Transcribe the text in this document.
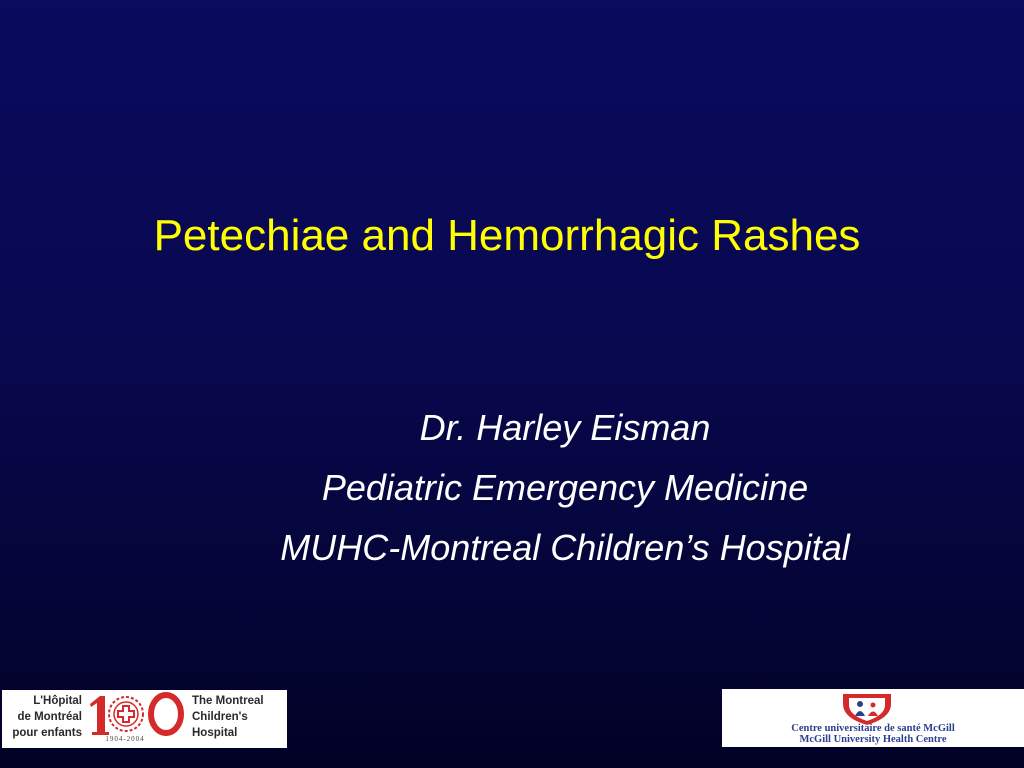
Petechiae and Hemorrhagic Rashes
Dr. Harley Eisman
Pediatric Emergency Medicine
MUHC-Montreal Children’s Hospital
L'Hôpital
de Montréal
pour enfants	1904-2004
The Montreal
Children's
Hospital	Centre universitaire de santé McGill
McGill University Health Centre
